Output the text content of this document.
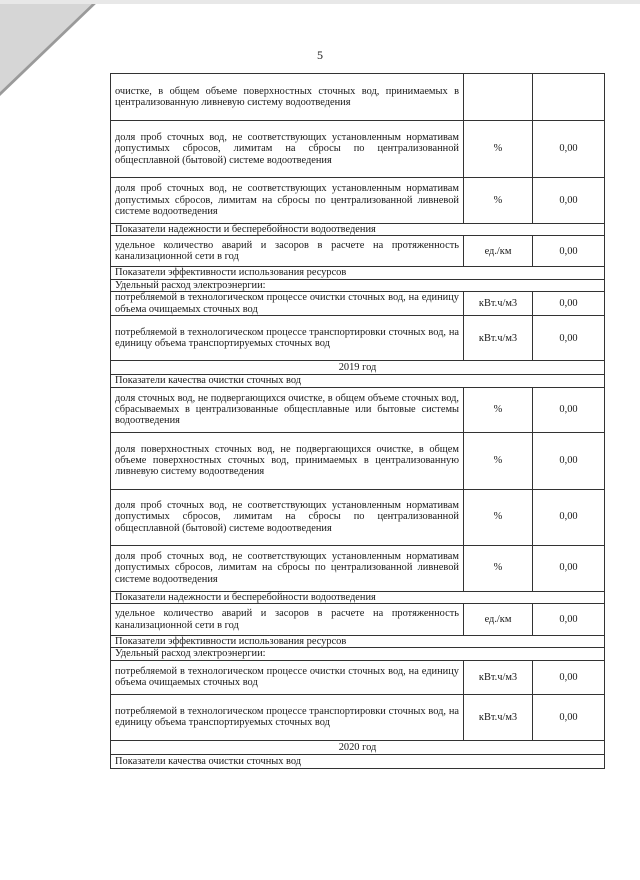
5
очистке, в общем объеме поверхностных сточных вод, принимаемых в централизованную ливневую систему водоотведения		
доля проб сточных вод, не соответствующих установленным нормативам допустимых сбросов, лимитам на сбросы по централизованной общесплавной (бытовой) системе водоотведения	%	0,00
доля проб сточных вод, не соответствующих установленным нормативам допустимых сбросов, лимитам на сбросы по централизованной ливневой системе водоотведения	%	0,00
Показатели надежности и бесперебойности водоотведения		
удельное количество аварий и засоров в расчете на протяженность канализационной сети в год	ед./км	0,00
Показатели эффективности использования ресурсов		
Удельный расход электроэнергии:		
потребляемой в технологическом процессе очистки сточных вод, на единицу объема очищаемых сточных вод	кВт.ч/м3	0,00
потребляемой в технологическом процессе транспортировки сточных вод, на единицу объема транспортируемых сточных вод	кВт.ч/м3	0,00
2019 год		
Показатели качества очистки сточных вод		
доля сточных вод, не подвергающихся очистке, в общем объеме сточных вод, сбрасываемых в централизованные общесплавные или бытовые системы водоотведения	%	0,00
доля поверхностных сточных вод, не подвергающихся очистке, в общем объеме поверхностных сточных вод, принимаемых в централизованную ливневую систему водоотведения	%	0,00
доля проб сточных вод, не соответствующих установленным нормативам допустимых сбросов, лимитам на сбросы по централизованной общесплавной (бытовой) системе водоотведения	%	0,00
доля проб сточных вод, не соответствующих установленным нормативам допустимых сбросов, лимитам на сбросы по централизованной ливневой системе водоотведения	%	0,00
Показатели надежности и бесперебойности водоотведения		
удельное количество аварий и засоров в расчете на протяженность канализационной сети в год	ед./км	0,00
Показатели эффективности использования ресурсов		
Удельный расход электроэнергии:		
потребляемой в технологическом процессе очистки сточных вод, на единицу объема очищаемых сточных вод	кВт.ч/м3	0,00
потребляемой в технологическом процессе транспортировки сточных вод, на единицу объема транспортируемых сточных вод	кВт.ч/м3	0,00
2020 год		
Показатели качества очистки сточных вод		
